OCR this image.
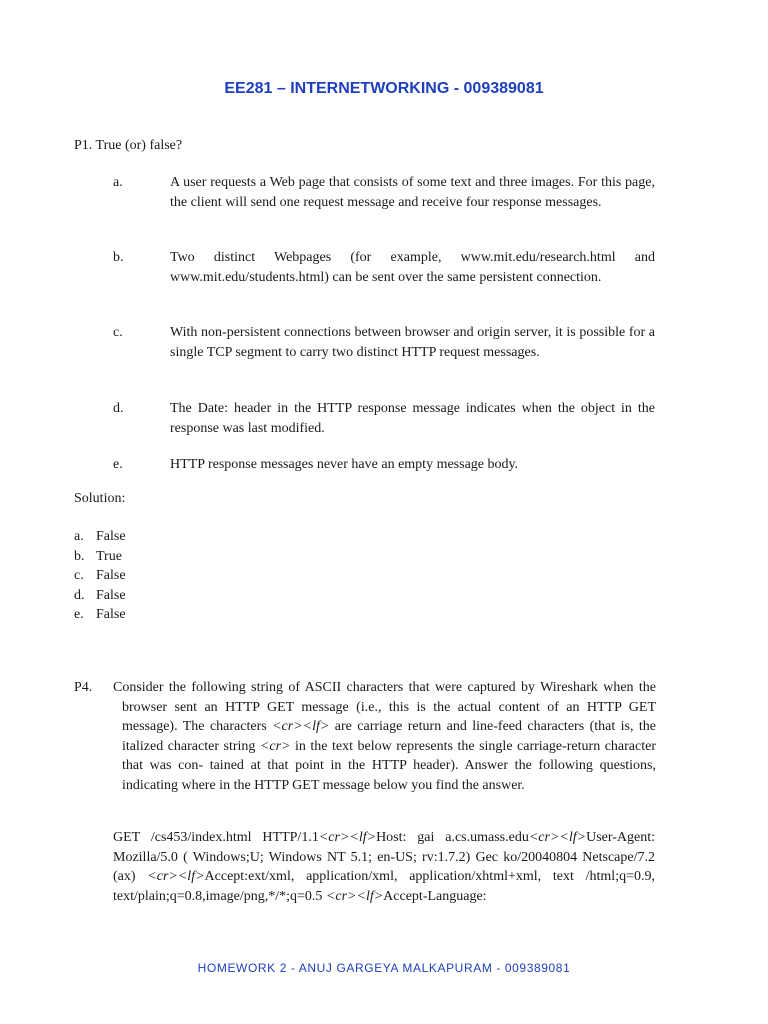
EE281 – INTERNETWORKING - 009389081
P1. True (or) false?
a.	A user requests a Web page that consists of some text and three images. For this page, the client will send one request message and receive four response messages.
b.	Two distinct Webpages (for example, www.mit.edu/research.html and www.mit.edu/students.html) can be sent over the same persistent connection.
c.	With non-persistent connections between browser and origin server, it is possible for a single TCP segment to carry two distinct HTTP request messages.
d.	The Date: header in the HTTP response message indicates when the object in the response was last modified.
e.	HTTP response messages never have an empty message body.
Solution:
a. False
b. True
c. False
d. False
e. False
P4.	Consider the following string of ASCII characters that were captured by Wireshark when the browser sent an HTTP GET message (i.e., this is the actual content of an HTTP GET message). The characters <cr><lf> are carriage return and line-feed characters (that is, the italized character string <cr> in the text below represents the single carriage-return character that was con- tained at that point in the HTTP header). Answer the following questions, indicating where in the HTTP GET message below you find the answer.
GET /cs453/index.html HTTP/1.1<cr><lf>Host: gai a.cs.umass.edu<cr><lf>User-Agent: Mozilla/5.0 ( Windows;U; Windows NT 5.1; en-US; rv:1.7.2) Gec ko/20040804 Netscape/7.2 (ax) <cr><lf>Accept:ext/xml, application/xml, application/xhtml+xml, text /html;q=0.9, text/plain;q=0.8,image/png,*/*;q=0.5 <cr><lf>Accept-Language:
HOMEWORK 2 - ANUJ GARGEYA MALKAPURAM - 009389081
